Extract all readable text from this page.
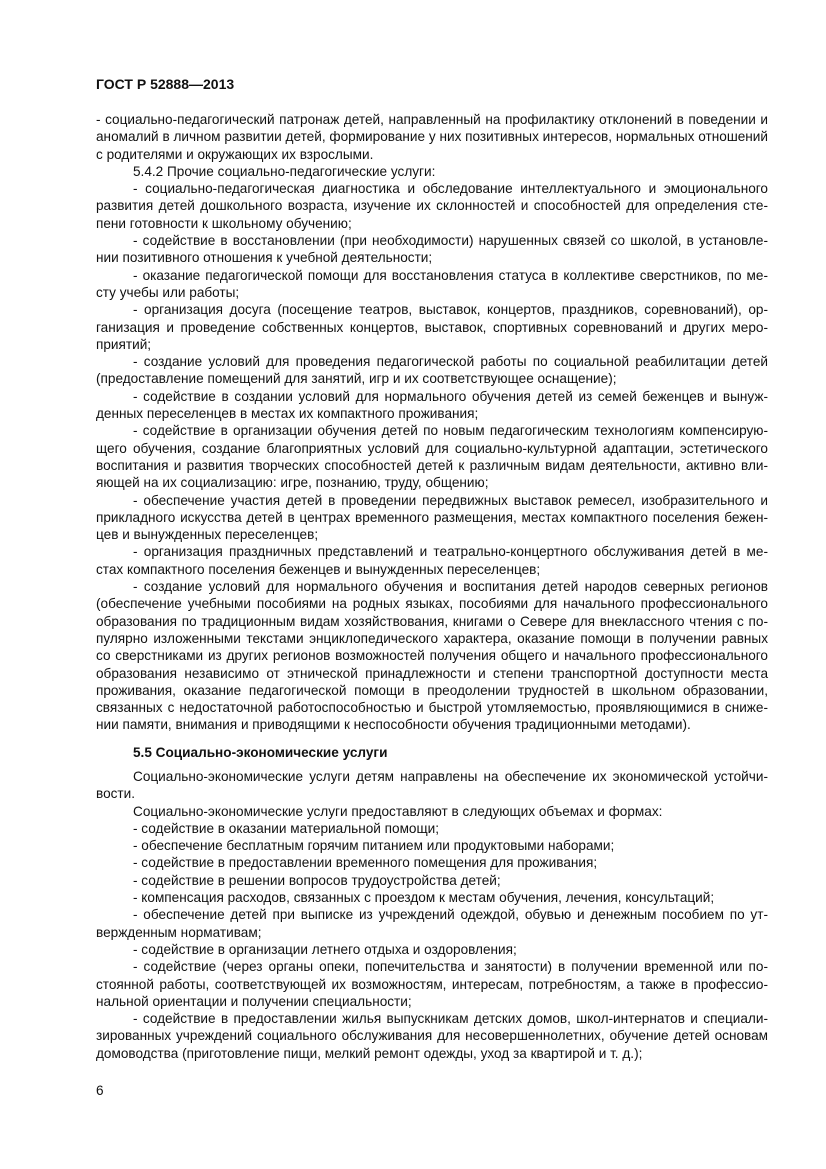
ГОСТ Р 52888—2013

- социально-педагогический патронаж детей, направленный на профилактику отклонений в поведении и аномалий в личном развитии детей, формирование у них позитивных интересов, нормальных отношений с родителями и окружающих их взрослыми.

5.4.2 Прочие социально-педагогические услуги:

- социально-педагогическая диагностика и обследование интеллектуального и эмоционального развития детей дошкольного возраста, изучение их склонностей и способностей для определения степени готовности к школьному обучению;

- содействие в восстановлении (при необходимости) нарушенных связей со школой, в установлении позитивного отношения к учебной деятельности;

- оказание педагогической помощи для восстановления статуса в коллективе сверстников, по месту учебы или работы;

- организация досуга (посещение театров, выставок, концертов, праздников, соревнований), организация и проведение собственных концертов, выставок, спортивных соревнований и других мероприятий;

- создание условий для проведения педагогической работы по социальной реабилитации детей (предоставление помещений для занятий, игр и их соответствующее оснащение);

- содействие в создании условий для нормального обучения детей из семей беженцев и вынужденных переселенцев в местах их компактного проживания;

- содействие в организации обучения детей по новым педагогическим технологиям компенсирующего обучения, создание благоприятных условий для социально-культурной адаптации, эстетического воспитания и развития творческих способностей детей к различным видам деятельности, активно влияющей на их социализацию: игре, познанию, труду, общению;

- обеспечение участия детей в проведении передвижных выставок ремесел, изобразительного и прикладного искусства детей в центрах временного размещения, местах компактного поселения беженцев и вынужденных переселенцев;

- организация праздничных представлений и театрально-концертного обслуживания детей в местах компактного поселения беженцев и вынужденных переселенцев;

- создание условий для нормального обучения и воспитания детей народов северных регионов (обеспечение учебными пособиями на родных языках, пособиями для начального профессионального образования по традиционным видам хозяйствования, книгами о Севере для внеклассного чтения с популярно изложенными текстами энциклопедического характера, оказание помощи в получении равных со сверстниками из других регионов возможностей получения общего и начального профессионального образования независимо от этнической принадлежности и степени транспортной доступности места проживания, оказание педагогической помощи в преодолении трудностей в школьном образовании, связанных с недостаточной работоспособностью и быстрой утомляемостью, проявляющимися в снижении памяти, внимания и приводящими к неспособности обучения традиционными методами).

5.5 Социально-экономические услуги

Социально-экономические услуги детям направлены на обеспечение их экономической устойчивости.

Социально-экономические услуги предоставляют в следующих объемах и формах:

- содействие в оказании материальной помощи;

- обеспечение бесплатным горячим питанием или продуктовыми наборами;

- содействие в предоставлении временного помещения для проживания;

- содействие в решении вопросов трудоустройства детей;

- компенсация расходов, связанных с проездом к местам обучения, лечения, консультаций;

- обеспечение детей при выписке из учреждений одеждой, обувью и денежным пособием по утвержденным нормативам;

- содействие в организации летнего отдыха и оздоровления;

- содействие (через органы опеки, попечительства и занятости) в получении временной или постоянной работы, соответствующей их возможностям, интересам, потребностям, а также в профессиональной ориентации и получении специальности;

- содействие в предоставлении жилья выпускникам детских домов, школ-интернатов и специализированных учреждений социального обслуживания для несовершеннолетних, обучение детей основам домоводства (приготовление пищи, мелкий ремонт одежды, уход за квартирой и т. д.);

6
